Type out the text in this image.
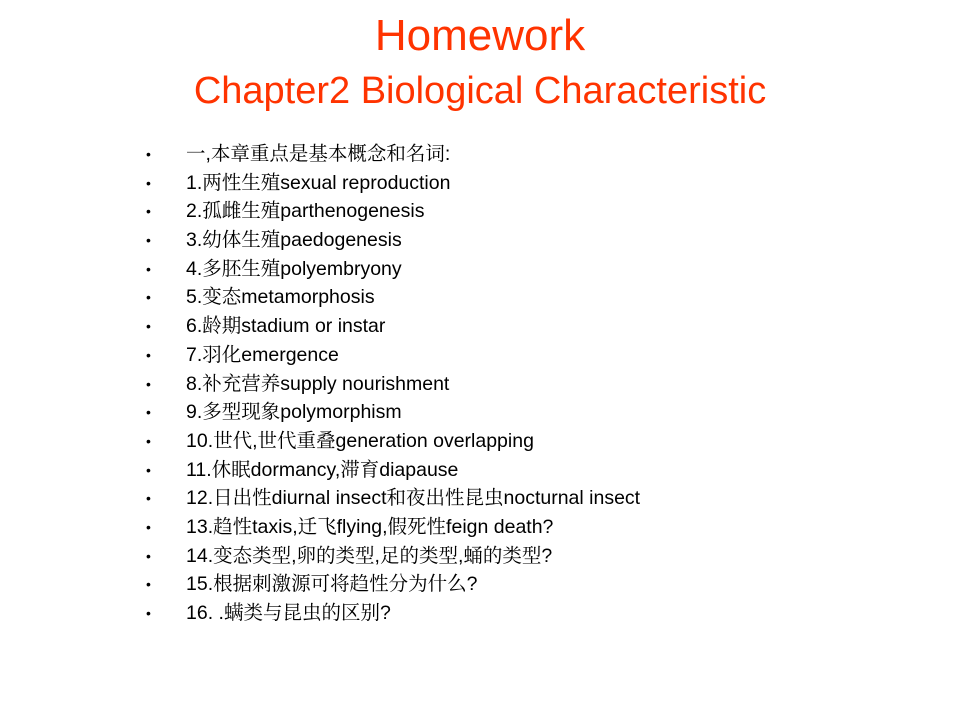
Homework
Chapter2 Biological Characteristic
•	一,本章重点是基本概念和名词:
•	1.两性生殖sexual reproduction
•	2.孤雌生殖parthenogenesis
•	3.幼体生殖paedogenesis
•	4.多胚生殖polyembryony
•	5.变态metamorphosis
•	6.龄期stadium or instar
•	7.羽化emergence
•	8.补充营养supply nourishment
•	9.多型现象polymorphism
•	10.世代,世代重叠generation overlapping
•	11.休眠dormancy,滞育diapause
•	12.日出性diurnal insect和夜出性昆虫nocturnal insect
•	13.趋性taxis,迁飞flying,假死性feign death?
•	14.变态类型,卵的类型,足的类型,蛹的类型?
•	15.根据刺激源可将趋性分为什么?
•	16. .螨类与昆虫的区别?
